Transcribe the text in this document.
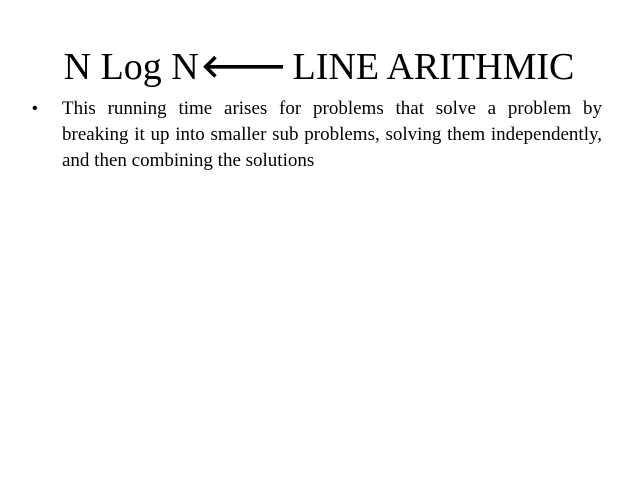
N Log N🡐 LINE ARITHMIC
• This running time arises for problems that solve a problem by breaking it up into smaller sub problems, solving them independently, and then combining the solutions
